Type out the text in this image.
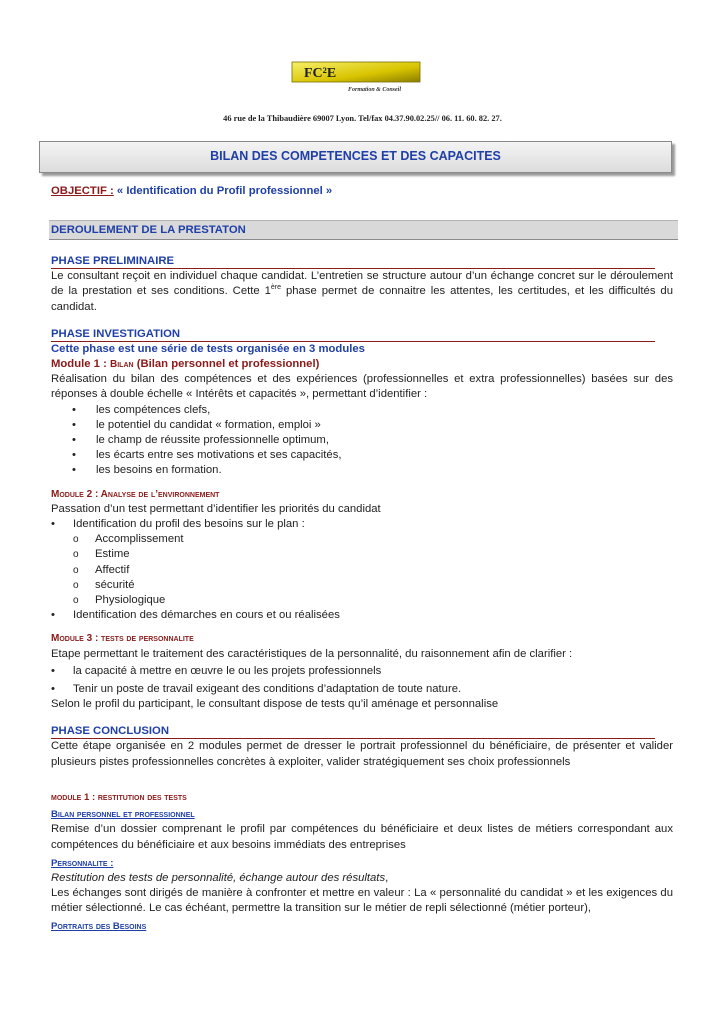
FC²E
Formation & Conseil
46 rue de la Thibaudière 69007 Lyon. Tel/fax 04.37.90.02.25// 06. 11. 60. 82. 27.
BILAN DES COMPETENCES ET DES CAPACITES

OBJECTIF : « Identification du Profil professionnel »

DEROULEMENT DE LA PRESTATON

PHASE PRELIMINAIRE

Le consultant reçoit en individuel chaque candidat. L’entretien se structure autour d’un échange concret sur le déroulement de la prestation et ses conditions. Cette 1ère phase permet de connaitre les attentes, les certitudes, et les difficultés du candidat.

PHASE INVESTIGATION

Cette phase est une série de tests organisée en 3 modules

Module 1 : Bilan (Bilan personnel et professionnel)

Réalisation du bilan des compétences et des expériences (professionnelles et extra professionnelles) basées sur des réponses à double échelle « Intérêts et capacités », permettant d’identifier :

• les compétences clefs,
• le potentiel du candidat « formation, emploi »
• le champ de réussite professionnelle optimum,
• les écarts entre ses motivations et ses capacités,
• les besoins en formation.

Module 2 : Analyse de l’environnement

Passation d’un test permettant d’identifier les priorités du candidat

• Identification du profil des besoins sur le plan :
o Accomplissement
o Estime
o Affectif
o sécurité
o Physiologique
• Identification des démarches en cours et ou réalisées

Module 3 : tests de personnalite

Etape permettant le traitement des caractéristiques de la personnalité, du raisonnement afin de clarifier :

• la capacité à mettre en œuvre le ou les projets professionnels
• Tenir un poste de travail exigeant des conditions d’adaptation de toute nature.

Selon le profil du participant, le consultant dispose de tests qu’il aménage et personnalise

PHASE CONCLUSION

Cette étape organisée en 2 modules permet de dresser le portrait professionnel du bénéficiaire, de présenter et valider plusieurs pistes professionnelles concrètes à exploiter, valider stratégiquement ses choix professionnels

module 1 : restitution des tests

Bilan personnel et professionnel

Remise d’un dossier comprenant le profil par compétences du bénéficiaire et deux listes de métiers correspondant aux compétences du bénéficiaire et aux besoins immédiats des entreprises

Personnalite :

Restitution des tests de personnalité, échange autour des résultats,

Les échanges sont dirigés de manière à confronter et mettre en valeur : La « personnalité du candidat » et les exigences du métier sélectionné. Le cas échéant, permettre la transition sur le métier de repli sélectionné (métier porteur),

Portraits des Besoins
